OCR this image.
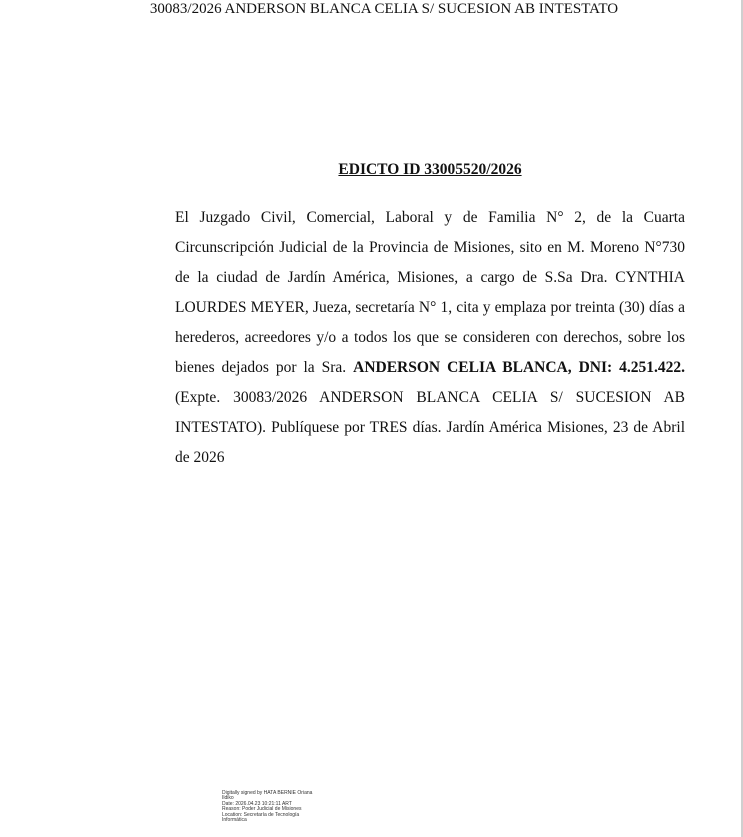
30083/2026 ANDERSON BLANCA CELIA S/ SUCESION AB INTESTATO
EDICTO ID 33005520/2026
El Juzgado Civil, Comercial, Laboral y de Familia N° 2, de la Cuarta Circunscripción Judicial de la Provincia de Misiones, sito en M. Moreno N°730 de la ciudad de Jardín América, Misiones, a cargo de S.Sa Dra. CYNTHIA LOURDES MEYER, Jueza, secretaría N° 1, cita y emplaza por treinta (30) días a herederos, acreedores y/o a todos los que se consideren con derechos, sobre los bienes dejados por la Sra. ANDERSON CELIA BLANCA, DNI: 4.251.422. (Expte. 30083/2026 ANDERSON BLANCA CELIA S/ SUCESION AB INTESTATO). Publíquese por TRES días. Jardín América Misiones, 23 de Abril de 2026
Digitally signed by HATA BERNIE Oriana
Ildiko
Date: 2026.04.23 10:21:11 ART
Reason: Poder Judicial de Misiones
Location: Secretaría de Tecnología
Informática
